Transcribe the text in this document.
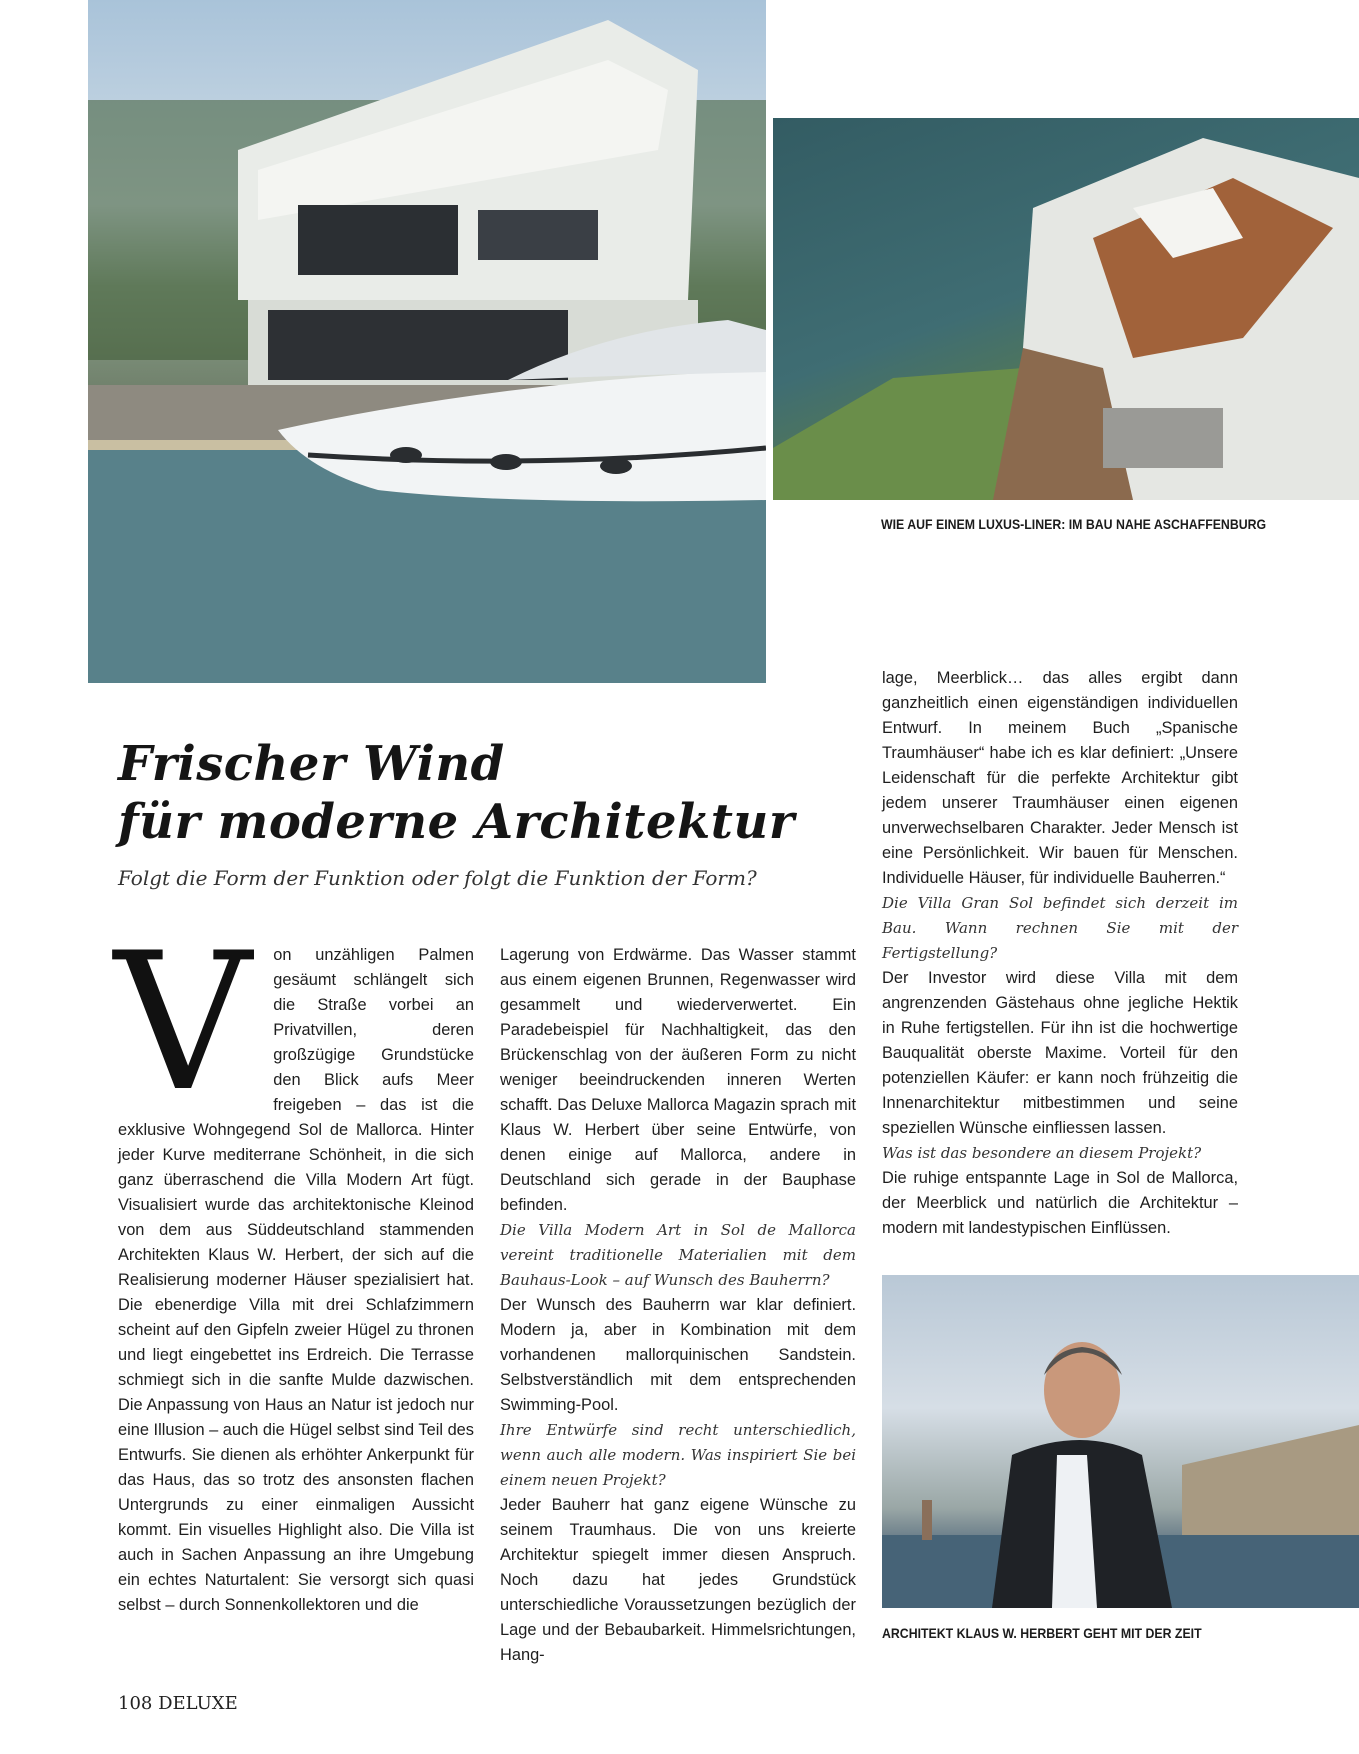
WIE AUF EINEM LUXUS-LINER: IM BAU NAHE ASCHAFFENBURG
Frischer Wind
für moderne Architektur
Folgt die Form der Funktion oder folgt die Funktion der Form?
V	on unzähligen Palmen gesäumt schlängelt sich die Straße vorbei an Privatvillen, deren großzügige Grundstücke den Blick aufs Meer freigeben – das ist die exklusive Wohngegend Sol de Mallorca. Hinter jeder Kurve mediterrane Schönheit, in die sich ganz überraschend die Villa Modern Art fügt. Visualisiert wurde das architektonische Kleinod von dem aus Süddeutschland stammenden Architekten Klaus W. Herbert, der sich auf die Realisierung moderner Häuser spezialisiert hat. Die ebenerdige Villa mit drei Schlafzimmern scheint auf den Gipfeln zweier Hügel zu thronen und liegt eingebettet ins Erdreich. Die Terrasse schmiegt sich in die sanfte Mulde dazwischen. Die Anpassung von Haus an Natur ist jedoch nur eine Illusion – auch die Hügel selbst sind Teil des Entwurfs. Sie dienen als erhöhter Ankerpunkt für das Haus, das so trotz des ansonsten flachen Untergrunds zu einer einmaligen Aussicht kommt. Ein visuelles Highlight also. Die Villa ist auch in Sachen Anpassung an ihre Umgebung ein echtes Naturtalent: Sie versorgt sich quasi selbst – durch Sonnenkollektoren und die

Lagerung von Erdwärme. Das Wasser stammt aus einem eigenen Brunnen, Regenwasser wird gesammelt und wiederverwertet. Ein Paradebeispiel für Nachhaltigkeit, das den Brückenschlag von der äußeren Form zu nicht weniger beeindruckenden inneren Werten schafft. Das Deluxe Mallorca Magazin sprach mit Klaus W. Herbert über seine Entwürfe, von denen einige auf Mallorca, andere in Deutschland sich gerade in der Bauphase befinden.

Die Villa Modern Art in Sol de Mallorca vereint traditionelle Materialien mit dem Bauhaus-Look – auf Wunsch des Bauherrn?

Der Wunsch des Bauherrn war klar definiert. Modern ja, aber in Kombination mit dem vorhandenen mallorquinischen Sandstein. Selbstverständlich mit dem entsprechenden Swimming-Pool.

Ihre Entwürfe sind recht unterschiedlich, wenn auch alle modern. Was inspiriert Sie bei einem neuen Projekt?

Jeder Bauherr hat ganz eigene Wünsche zu seinem Traumhaus. Die von uns kreierte Architektur spiegelt immer diesen Anspruch. Noch dazu hat jedes Grundstück unterschiedliche Voraussetzungen bezüglich der Lage und der Bebaubarkeit. Himmelsrichtungen, Hang-

lage, Meerblick… das alles ergibt dann ganzheitlich einen eigenständigen individuellen Entwurf. In meinem Buch „Spanische Traumhäuser“ habe ich es klar definiert: „Unsere Leidenschaft für die perfekte Architektur gibt jedem unserer Traumhäuser einen eigenen unverwechselbaren Charakter. Jeder Mensch ist eine Persönlichkeit. Wir bauen für Menschen. Individuelle Häuser, für individuelle Bauherren.“

Die Villa Gran Sol befindet sich derzeit im Bau. Wann rechnen Sie mit der Fertigstellung?

Der Investor wird diese Villa mit dem angrenzenden Gästehaus ohne jegliche Hektik in Ruhe fertigstellen. Für ihn ist die hochwertige Bauqualität oberste Maxime. Vorteil für den potenziellen Käufer: er kann noch frühzeitig die Innenarchitektur mitbestimmen und seine speziellen Wünsche einfliessen lassen.

Was ist das besondere an diesem Projekt?

Die ruhige entspannte Lage in Sol de Mallorca, der Meerblick und natürlich die Architektur – modern mit landestypischen Einflüssen.

ARCHITEKT KLAUS W. HERBERT GEHT MIT DER ZEIT
108 DELUXE
